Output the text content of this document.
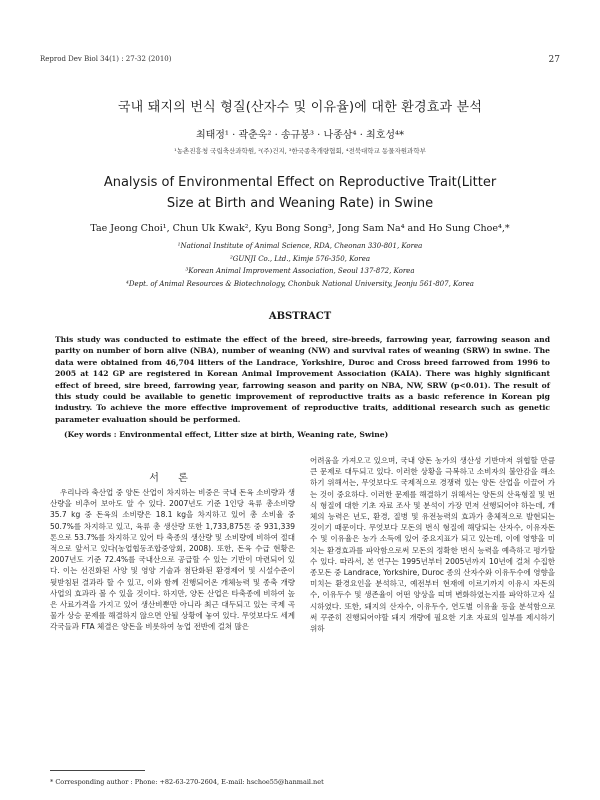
Reprod Dev Biol 34(1) : 27-32 (2010)	27
국내 돼지의 번식 형질(산자수 및 이유율)에 대한 환경효과 분석
최태정¹ · 곽춘욱² · 송규봉³ · 나종삼⁴ · 최호성⁴*
¹농촌진흥청 국립축산과학원, ²(주)건지, ³한국종축개량협회, ⁴전북대학교 동물자원과학부
Analysis of Environmental Effect on Reproductive Trait(Litter Size at Birth and Weaning Rate) in Swine
Tae Jeong Choi¹, Chun Uk Kwak², Kyu Bong Song³, Jong Sam Na⁴ and Ho Sung Choe⁴,*
¹National Institute of Animal Science, RDA, Cheonan 330-801, Korea
²GUNJI Co., Ltd., Kimje 576-350, Korea
³Korean Animal Improvement Association, Seoul 137-872, Korea
⁴Dept. of Animal Resources & Biotechnology, Chonbuk National University, Jeonju 561-807, Korea
ABSTRACT
This study was conducted to estimate the effect of the breed, sire-breeds, farrowing year, farrowing season and parity on number of born alive (NBA), number of weaning (NW) and survival rates of weaning (SRW) in swine. The data were obtained from 46,704 litters of the Landrace, Yorkshire, Duroc and Cross breed farrowed from 1996 to 2005 at 142 GP are registered in Korean Animal Improvement Association (KAIA). There was highly significant effect of breed, sire breed, farrowing year, farrowing season and parity on NBA, NW, SRW (p<0.01). The result of this study could be available to genetic improvement of reproductive traits as a basic reference in Korean pig industry. To achieve the more effective improvement of reproductive traits, additional research such as genetic parameter evaluation should be performed.
(Key words : Environmental effect, Litter size at birth, Weaning rate, Swine)
서 론

우리나라 축산업 중 양돈 산업이 차지하는 비중은 국내 돈육 소비량과 생산량을 비추어 보아도 알 수 있다. 2007년도 기준 1인당 육류 총소비량 35.7 kg 중 돈육의 소비량은 18.1 kg을 차지하고 있어 총 소비율 중 50.7%를 차지하고 있고, 육류 총 생산량 또한 1,733,875톤 중 931,339톤으로 53.7%를 차지하고 있어 타 축종의 생산량 및 소비량에 비하여 절대적으로 앞서고 있다(농업협동조합중앙회, 2008). 또한, 돈육 수급 현황은 2007년도 기준 72.4%를 국내산으로 공급할 수 있는 기반이 마련되어 있다. 이는 선진화된 사양 및 영양 기술과 첨단화된 환경제어 및 시설수준이 뒷받침된 결과라 할 수 있고, 이와 함께 진행되어온 개체능력 및 종축 개량사업의 효과라 볼 수 있을 것이다. 하지만, 양돈 산업은 타축종에 비하여 높은 사료가격을 가지고 있어 생산비뿐만 아니라 최근 대두되고 있는 국제 곡물가 상승 문제를 해결하지 않으면 안될 상황에 놓여 있다. 무엇보다도 세계 각국들과 FTA 체결은 양돈을 비롯하여 농업 전반에 걸쳐 많은

어려움을 가져오고 있으며, 국내 양돈 농가의 생산성 기반마저 위협할 만큼 큰 문제로 대두되고 있다. 이러한 상황을 극복하고 소비자의 불안감을 해소하기 위해서는, 무엇보다도 국제적으로 경쟁력 있는 양돈 산업을 이끌어 가는 것이 중요하다. 이러한 문제를 해결하기 위해서는 양돈의 산육형질 및 번식 형질에 대한 기초 자료 조사 및 분석이 가장 먼저 선행되어야 하는데, 개체의 능력은 년도, 환경, 질병 및 유전능력의 효과가 총체적으로 발현되는 것이기 때문이다. 무엇보다 모돈의 번식 형질에 해당되는 산자수, 이유자돈수 및 이유율은 농가 소득에 있어 중요지표가 되고 있는데, 이에 영향을 미치는 환경효과를 파악함으로써 모돈의 정확한 번식 능력을 예측하고 평가할 수 있다. 따라서, 본 연구는 1995년부터 2005년까지 10년에 걸쳐 수집한 종모돈 중 Landrace, Yorkshire, Duroc 종의 산자수와 이유두수에 영향을 미치는 환경요인을 분석하고, 예전부터 현재에 이르기까지 이유시 자돈의 수, 이유두수 및 생존율이 어떤 양상을 띠며 변화하였는지를 파악하고자 실시하였다. 또한, 돼지의 산자수, 이유두수, 연도별 이유율 등을 분석함으로써 꾸준히 진행되어야할 돼지 개량에 필요한 기초 자료의 일부를 제시하기 위하

* Corresponding author : Phone: +82-63-270-2604, E-mail: hschoe55@hanmail.net
